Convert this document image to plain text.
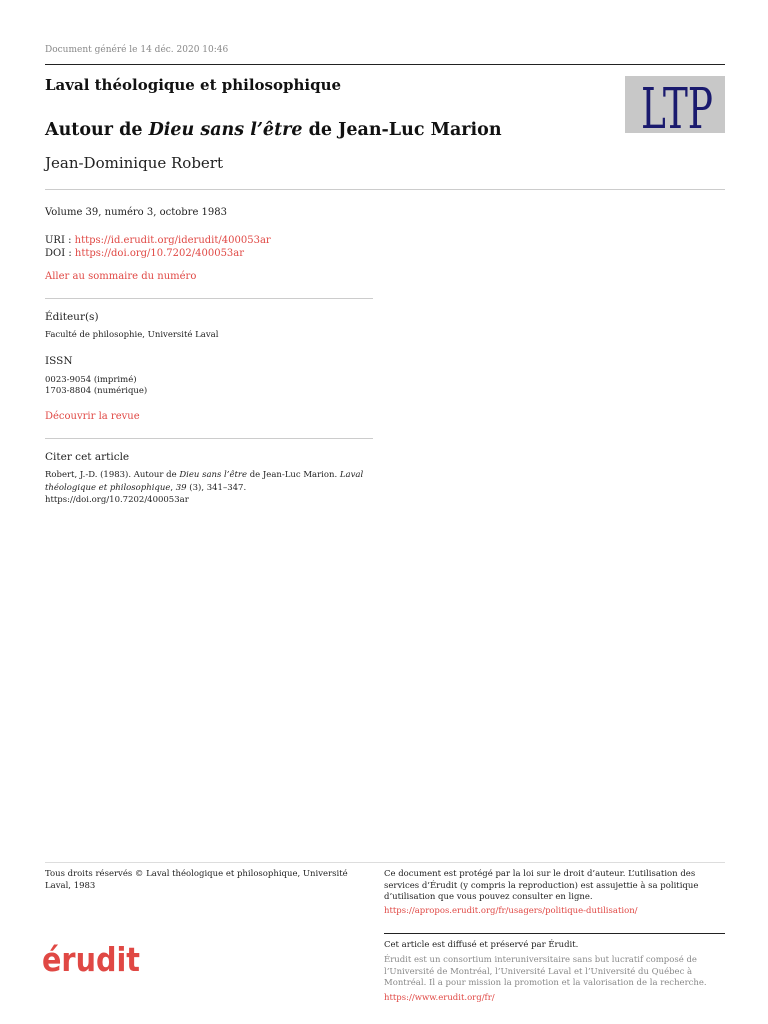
Document généré le 14 déc. 2020 10:46
Laval théologique et philosophique	LTP
Autour de Dieu sans l’être de Jean-Luc Marion
Jean-Dominique Robert
Volume 39, numéro 3, octobre 1983
URI : https://id.erudit.org/iderudit/400053ar
DOI : https://doi.org/10.7202/400053ar
Aller au sommaire du numéro
Éditeur(s)
Faculté de philosophie, Université Laval
ISSN
0023-9054 (imprimé)
1703-8804 (numérique)
Découvrir la revue
Citer cet article
Robert, J.-D. (1983). Autour de Dieu sans l’être de Jean-Luc Marion. Laval théologique et philosophique, 39 (3), 341–347. https://doi.org/10.7202/400053ar
Tous droits réservés © Laval théologique et philosophique, Université Laval, 1983
Ce document est protégé par la loi sur le droit d’auteur. L’utilisation des services d’Érudit (y compris la reproduction) est assujettie à sa politique d’utilisation que vous pouvez consulter en ligne.
https://apropos.erudit.org/fr/usagers/politique-dutilisation/
érudit	Cet article est diffusé et préservé par Érudit.
Érudit est un consortium interuniversitaire sans but lucratif composé de l’Université de Montréal, l’Université Laval et l’Université du Québec à Montréal. Il a pour mission la promotion et la valorisation de la recherche.
https://www.erudit.org/fr/
